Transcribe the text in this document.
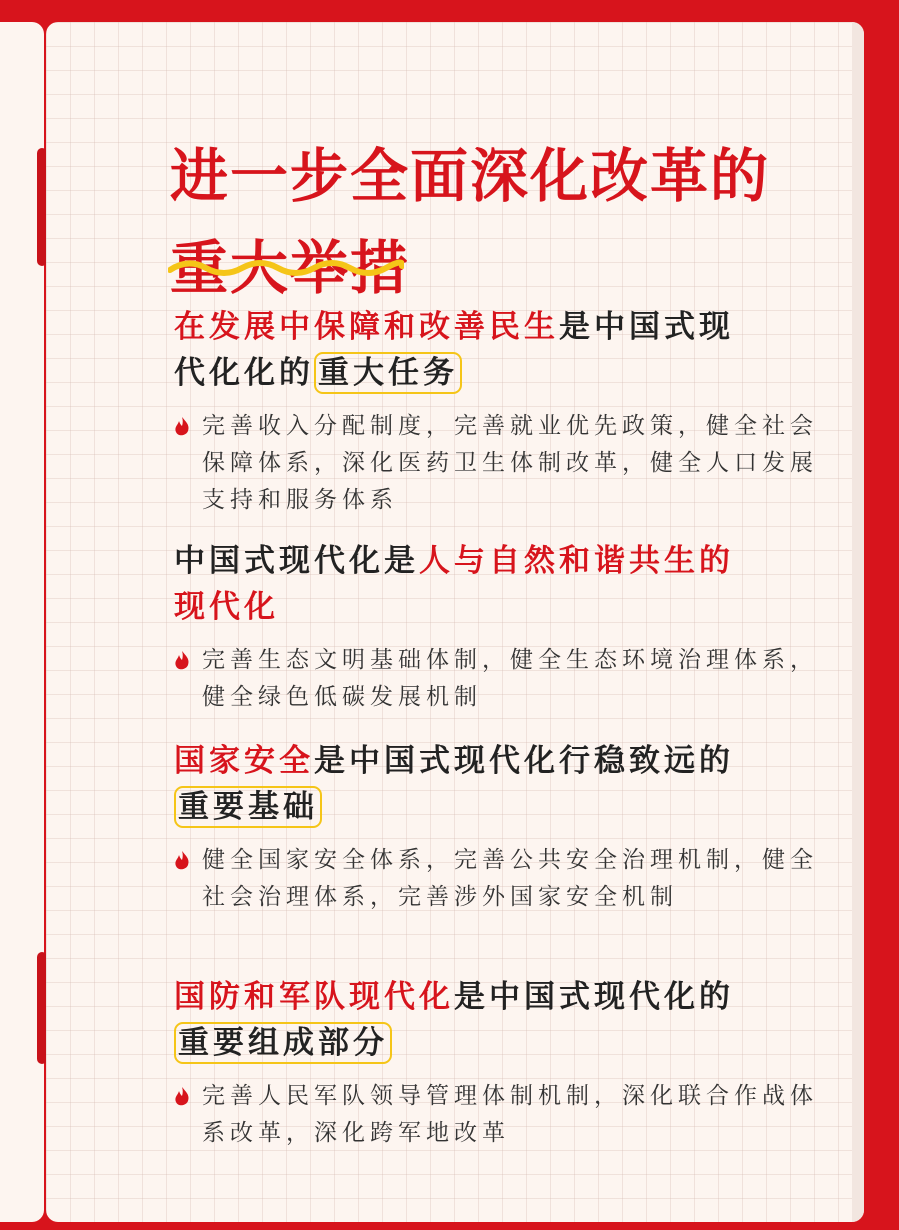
进一步全面深化改革的
重大举措

在发展中保障和改善民生是中国式现
代化化的 重大任务

完善收入分配制度，完善就业优先政策，健全社会保障体系，深化医药卫生体制改革，健全人口发展支持和服务体系

中国式现代化是人与自然和谐共生的
现代化

完善生态文明基础体制，健全生态环境治理体系，健全绿色低碳发展机制

国家安全是中国式现代化行稳致远的
重要基础

健全国家安全体系，完善公共安全治理机制，健全社会治理体系，完善涉外国家安全机制

国防和军队现代化是中国式现代化的
重要组成部分

完善人民军队领导管理体制机制，深化联合作战体系改革，深化跨军地改革
